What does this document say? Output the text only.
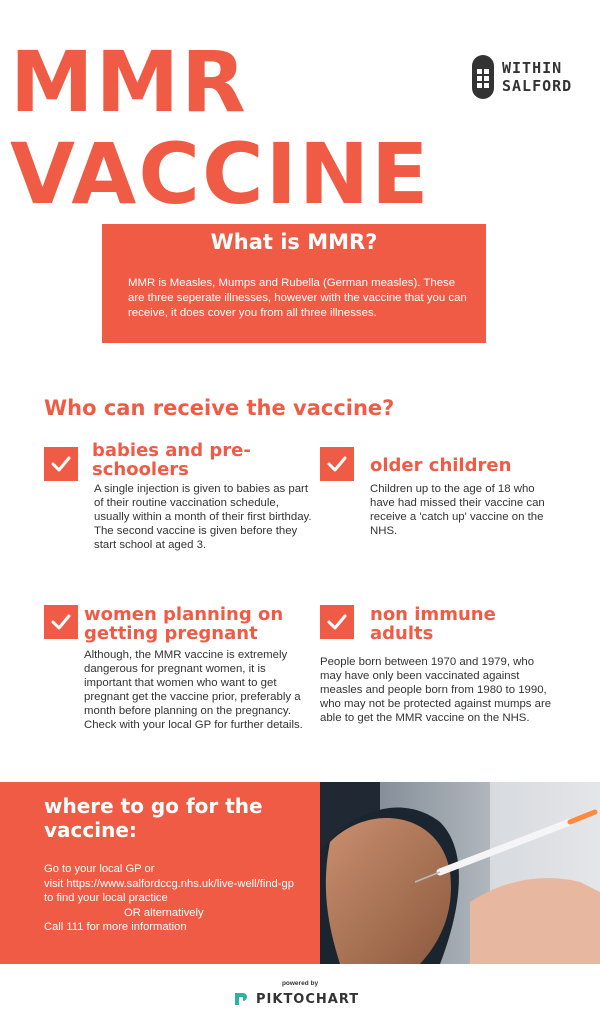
MMR
VACCINE
WITHIN
SALFORD
What is MMR?
MMR is Measles, Mumps and Rubella (German measles). These are three seperate illnesses, however with the vaccine that you can receive, it does cover you from all three illnesses.
Who can receive the vaccine?
babies and pre-schoolers
A single injection is given to babies as part of their routine vaccination schedule, usually within a month of their first birthday. The second vaccine is given before they start school at aged 3.
older children
Children up to the age of 18 who have had missed their vaccine can receive a 'catch up' vaccine on the NHS.
women planning on getting pregnant
Although, the MMR vaccine is extremely dangerous for pregnant women, it is important that women who want to get pregnant get the vaccine prior, preferably a month before planning on the pregnancy. Check with your local GP for further details.
non immune adults
People born between 1970 and 1979, who may have only been vaccinated against measles and people born from 1980 to 1990, who may not be protected against mumps are able to get the MMR vaccine on the NHS.
where to go for the vaccine:
Go to your local GP or
visit https://www.salfordccg.nhs.uk/live-well/find-gp to find your local practice
OR alternatively
Call 111 for more information
powered by
PIKTOCHART
